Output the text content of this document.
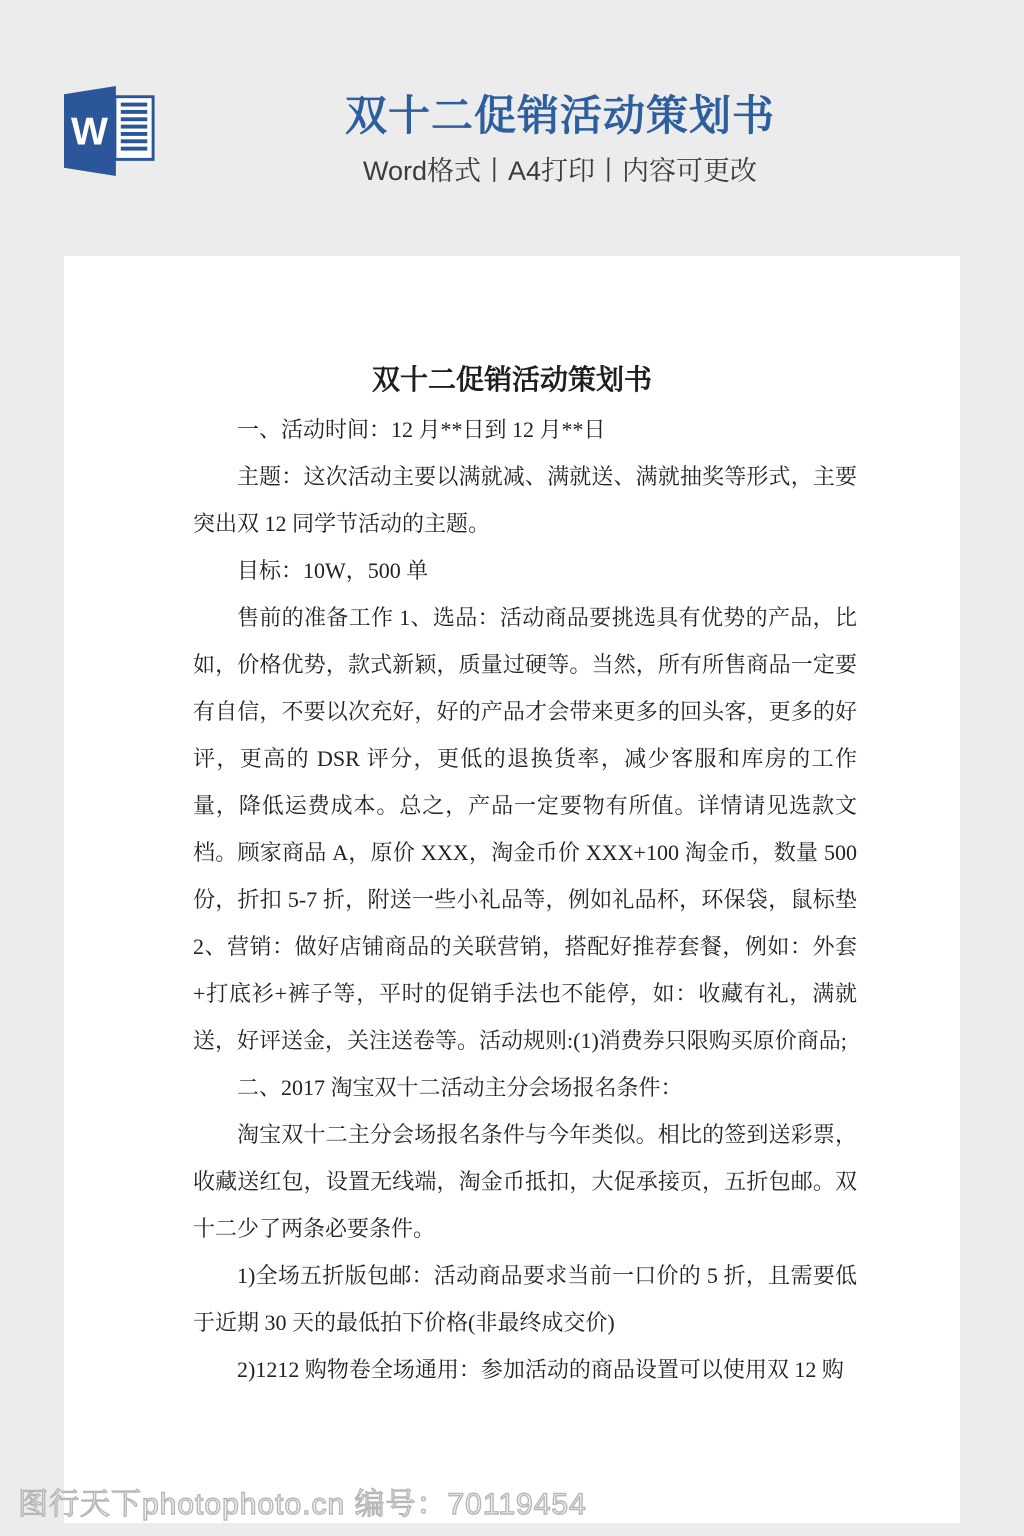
W	双十二促销活动策划书
Word格式丨A4打印丨内容可更改
双十二促销活动策划书

一、活动时间：12 月**日到 12 月**日

主题：这次活动主要以满就减、满就送、满就抽奖等形式，主要突出双 12 同学节活动的主题。

目标：10W，500 单

售前的准备工作 1、选品：活动商品要挑选具有优势的产品，比如，价格优势，款式新颖，质量过硬等。当然，所有所售商品一定要有自信，不要以次充好，好的产品才会带来更多的回头客，更多的好评，更高的 DSR 评分，更低的退换货率，减少客服和库房的工作量，降低运费成本。总之，产品一定要物有所值。详情请见选款文档。顾家商品 A，原价 XXX，淘金币价 XXX+100 淘金币，数量 500 份，折扣 5-7 折，附送一些小礼品等，例如礼品杯，环保袋，鼠标垫 2、营销：做好店铺商品的关联营销，搭配好推荐套餐，例如：外套+打底衫+裤子等，平时的促销手法也不能停，如：收藏有礼，满就送，好评送金，关注送卷等。活动规则:(1)消费券只限购买原价商品;

二、2017 淘宝双十二活动主分会场报名条件：

淘宝双十二主分会场报名条件与今年类似。相比的签到送彩票，收藏送红包，设置无线端，淘金币抵扣，大促承接页，五折包邮。双十二少了两条必要条件。

1)全场五折版包邮：活动商品要求当前一口价的 5 折，且需要低于近期 30 天的最低拍下价格(非最终成交价)

2)1212 购物卷全场通用：参加活动的商品设置可以使用双 12 购

图行天下photophoto.cn 编号：70119454
